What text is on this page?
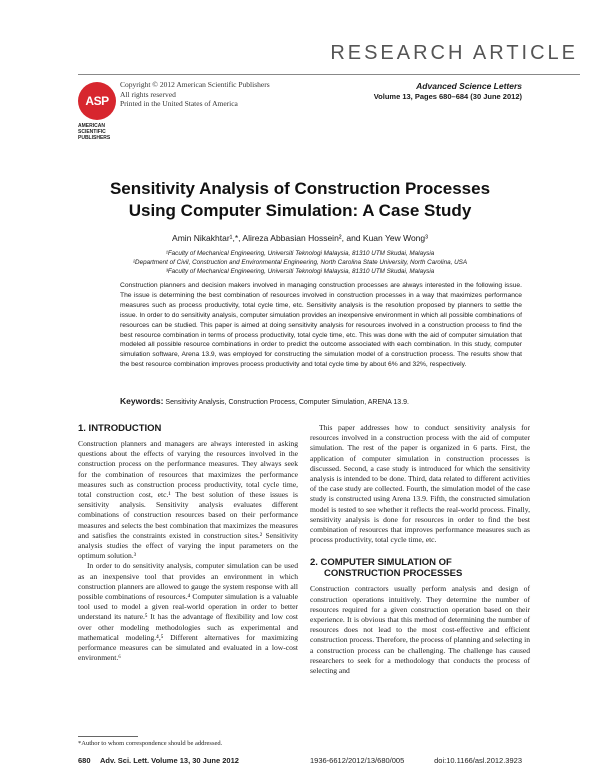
RESEARCH ARTICLE
ASP
AMERICAN SCIENTIFIC PUBLISHERS
Copyright © 2012 American Scientific Publishers
All rights reserved
Printed in the United States of America
Advanced Science Letters
Volume 13, Pages 680–684 (30 June 2012)
Sensitivity Analysis of Construction Processes
Using Computer Simulation: A Case Study
Amin Nikakhtar¹,*, Alireza Abbasian Hossein², and Kuan Yew Wong³
¹Faculty of Mechanical Engineering, Universiti Teknologi Malaysia, 81310 UTM Skudai, Malaysia
²Department of Civil, Construction and Environmental Engineering, North Carolina State University, North Carolina, USA
³Faculty of Mechanical Engineering, Universiti Teknologi Malaysia, 81310 UTM Skudai, Malaysia
Construction planners and decision makers involved in managing construction processes are always interested in the following issue. The issue is determining the best combination of resources involved in construction processes in a way that maximizes performance measures such as process productivity, total cycle time, etc. Sensitivity analysis is the resolution proposed by planners to settle the issue. In order to do sensitivity analysis, computer simulation provides an inexpensive environment in which all possible combinations of resources can be studied. This paper is aimed at doing sensitivity analysis for resources involved in a construction process to find the best resource combination in terms of process productivity, total cycle time, etc. This was done with the aid of computer simulation that modeled all possible resource combinations in order to predict the outcome associated with each combination. In this study, computer simulation software, Arena 13.9, was employed for constructing the simulation model of a construction process. The results show that the best resource combination improves process productivity and total cycle time by about 6% and 32%, respectively.
Keywords: Sensitivity Analysis, Construction Process, Computer Simulation, ARENA 13.9.
1. INTRODUCTION

Construction planners and managers are always interested in asking questions about the effects of varying the resources involved in the construction process on the performance measures. They always seek for the combination of resources that maximizes the performance measures such as construction process productivity, total cycle time, total construction cost, etc.¹ The best solution of these issues is sensitivity analysis. Sensitivity analysis evaluates different combinations of construction resources based on their performance measures and selects the best combination that maximizes the measures and satisfies the constraints existed in construction sites.² Sensitivity analysis studies the effect of varying the input parameters on the optimum solution.³

In order to do sensitivity analysis, computer simulation can be used as an inexpensive tool that provides an environment in which construction planners are allowed to gauge the system response with all possible combinations of resources.⁴ Computer simulation is a valuable tool used to model a given real-world operation in order to better understand its nature.⁵ It has the advantage of flexibility and low cost over other modeling methodologies such as experimental and mathematical modeling.⁴,⁵ Different alternatives for maximizing performance measures can be simulated and evaluated in a low-cost environment.⁶

This paper addresses how to conduct sensitivity analysis for resources involved in a construction process with the aid of computer simulation. The rest of the paper is organized in 6 parts. First, the application of computer simulation in construction processes is discussed. Second, a case study is introduced for which the sensitivity analysis is intended to be done. Third, data related to different activities of the case study are collected. Fourth, the simulation model of the case study is constructed using Arena 13.9. Fifth, the constructed simulation model is tested to see whether it reflects the real-world process. Finally, sensitivity analysis is done for resources in order to find the best combination of resources that improves performance measures such as process productivity, total cycle time, etc.

2. COMPUTER SIMULATION OF
CONSTRUCTION PROCESSES

Construction contractors usually perform analysis and design of construction operations intuitively. They determine the number of resources required for a given construction operation based on their experience. It is obvious that this method of determining the number of resources does not lead to the most cost-effective and efficient construction process. Therefore, the process of planning and selecting in a construction process can be challenging. The challenge has caused researchers to seek for a methodology that conducts the process of selecting and

*Author to whom correspondence should be addressed.
680 Adv. Sci. Lett. Volume 13, 30 June 2012	1936-6612/2012/13/680/005	doi:10.1166/asl.2012.3923
